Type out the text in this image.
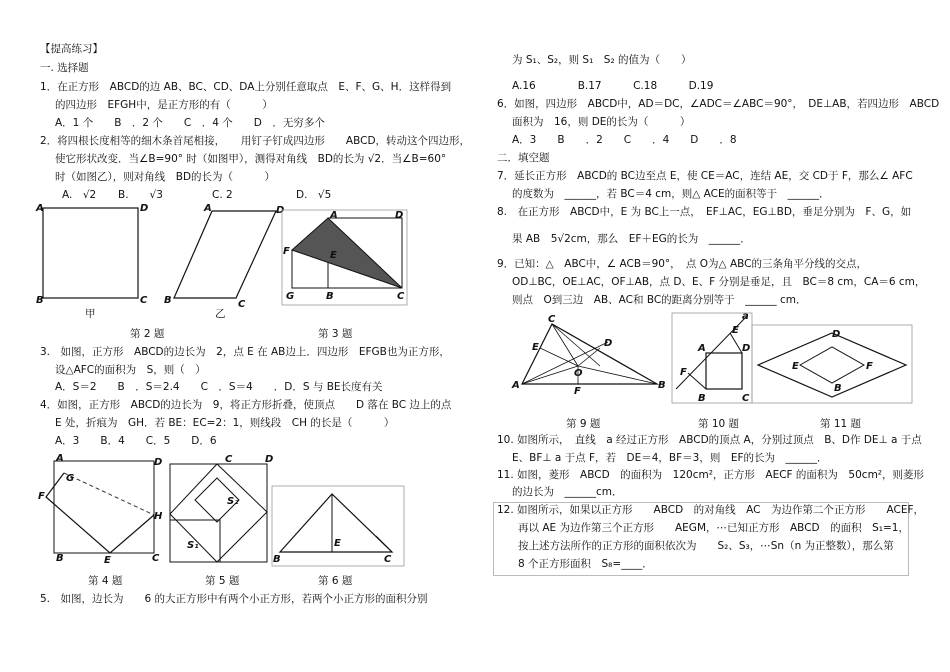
【提高练习】
一. 选择题
1．在正方形　ABCD的边 AB、BC、CD、DA上分别任意取点　E、F、G、H．这样得到
的四边形　EFGH中，是正方形的有（　　　）
A．1 个　　B　．2 个　　C　．4 个　　D　．无穷多个
2．将四根长度相等的细木条首尾相接，　　用钉子钉成四边形　　ABCD，转动这个四边形，
使它形状改变．当∠B=90° 时（如图甲），测得对角线　BD的长为 √2．当∠B=60°
时（如图乙），则对角线　BD的长为（　　　）
A.　√2 B.　　√3	C. 2	D.　√5
A	D
B	C
甲
B
A	D
C
乙
A	D
F	E
G	B	C
第 2 题	第 3 题
3.　如图，正方形　ABCD的边长为　2，点 E 在 AB边上．四边形　EFGB也为正方形，
设△AFC的面积为　S，则（　）
A．S＝2　　B　．S＝2.4　　C　．S＝4　　．D．S 与 BE长度有关
4．如图，正方形　ABCD的边长为　9，将正方形折叠，使顶点　　D 落在 BC 边上的点
E 处，折痕为　GH．若 BE：EC=2：1，则线段　CH 的长是（　　　）
A．3　　B．4　　C．5　　D．6
A	D
G
F
H
B	E	C
C	D
S₂
S₁
B
E
C
第 4 题	第 5 题	第 6 题
5.　如图，边长为　　6 的大正方形中有两个小正方形，若两个小正方形的面积分别
为 S₁、S₂，则 S₁　S₂ 的值为（　　）
A.16　　　　B.17　　　C.18　　　D.19
6．如图，四边形　ABCD中，AD＝DC，∠ADC＝∠ABC＝90°，　DE⊥AB，若四边形　ABCD
面积为　16，则 DE的长为（　　　）
A．3　　B　　．2　　C　　．4　　D　　．8
二．填空题
7．延长正方形　ABCD的 BC边至点 E，使 CE＝AC，连结 AE，交 CD于 F，那么∠ AFC
的度数为　______，若 BC＝4 cm，则△ ACE的面积等于　______．
8.　在正方形　ABCD中，E 为 BC上一点，　EF⊥AC，EG⊥BD，垂足分别为　F、G，如
果 AB　5√2cm，那么　EF＋EG的长为　______．
9．已知：△　ABC中，∠ ACB＝90°，　点 O为△ ABC的三条角平分线的交点，
OD⊥BC，OE⊥AC，OF⊥AB，点 D、E、F 分别是垂足，且　BC＝8 cm，CA＝6 cm，
则点　O到三边　AB、AC和 BC的距离分别等于　______ cm．
C
E	D
O
A
F
B
a
E
A	D
F
B	C
D
E	F
B
第 9 题	第 10 题	第 11 题
10. 如图所示，　直线　a 经过正方形　ABCD的顶点 A，分别过顶点　B、D作 DE⊥ a 于点
E、BF⊥ a 于点 F，若　DE＝4，BF＝3，则　EF的长为　______．
11. 如图，菱形　ABCD　的面积为　120cm²，正方形　AECF 的面积为　50cm²，则菱形
的边长为　______cm．
12. 如图所示，如果以正方形　　ABCD　的对角线　AC　为边作第二个正方形　　ACEF，
再以 AE 为边作第三个正方形　　AEGM，⋯已知正方形　ABCD　的面积　S₁=1，
按上述方法所作的正方形的面积依次为　　S₂、S₃，⋯Sn（n 为正整数），那么第
8 个正方形面积　S₈=____．
